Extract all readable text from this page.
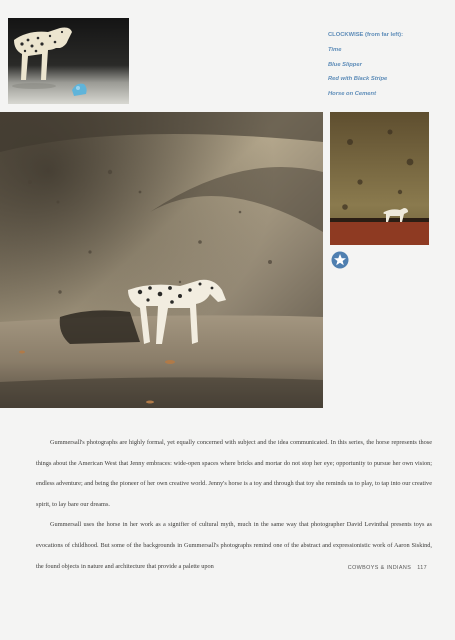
CLOCKWISE (from far left):

Time

Blue Slipper

Red with Black Stripe

Horse on Cement

Gummersall's photographs are highly formal, yet equally concerned with subject and the idea communicated. In this series, the horse represents those things about the American West that Jenny embraces: wide-open spaces where bricks and mortar do not stop her eye; opportunity to pursue her own vision; endless adventure; and being the pioneer of her own creative world. Jenny's horse is a toy and through that toy she reminds us to play, to tap into our creative spirit, to lay bare our dreams.

Gummersall uses the horse in her work as a signifier of cultural myth, much in the same way that photographer David Levinthal presents toys as evocations of childhood. But some of the backgrounds in Gummersall's photographs remind one of the abstract and expressionistic work of Aaron Siskind, the found objects in nature and architecture that provide a palette upon	COWBOYS & INDIANS 117
